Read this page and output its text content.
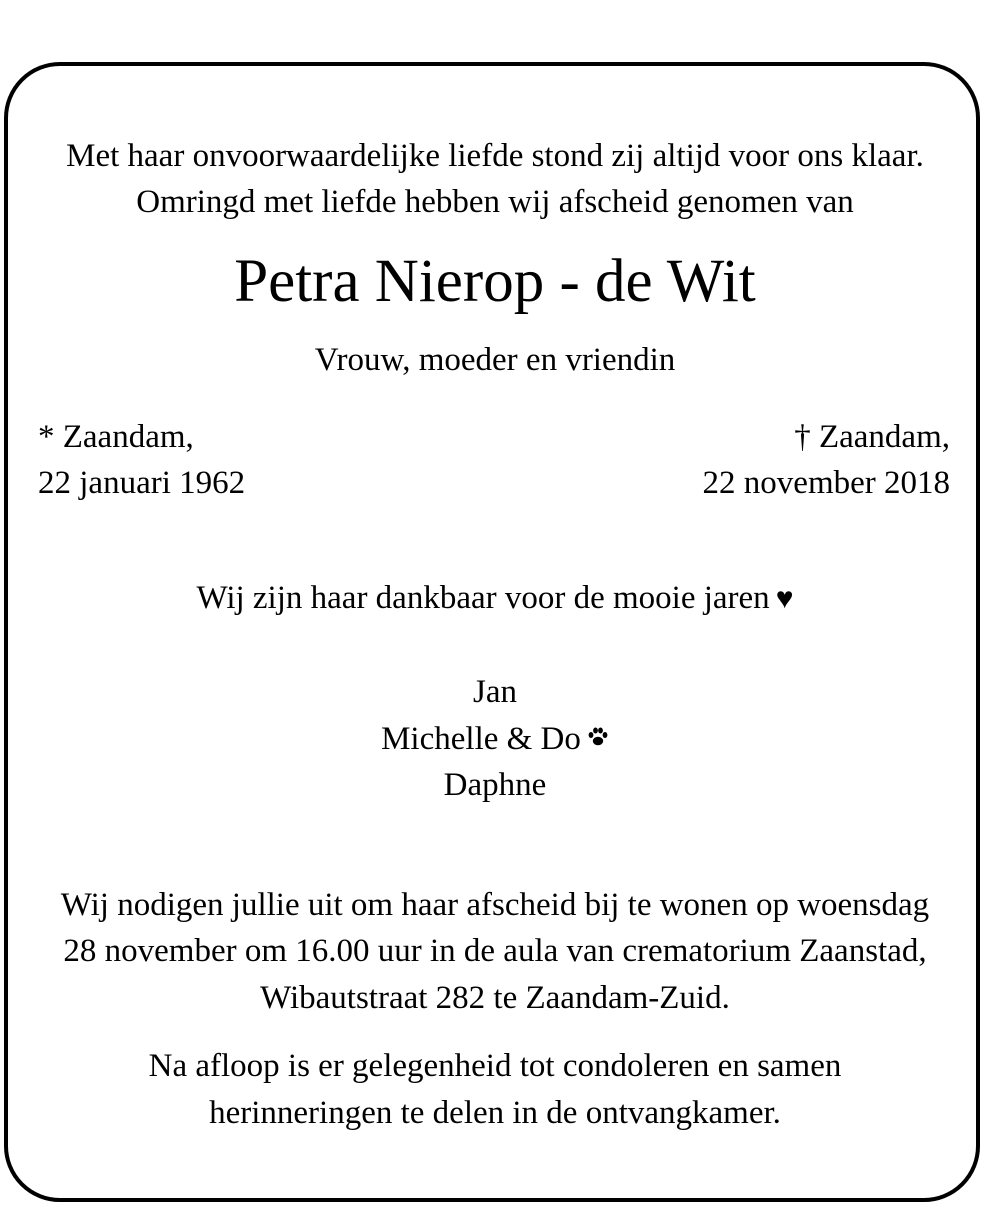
Met haar onvoorwaardelijke liefde stond zij altijd voor ons klaar.
Omringd met liefde hebben wij afscheid genomen van
Petra Nierop - de Wit
Vrouw, moeder en vriendin
* Zaandam,
22 januari 1962
† Zaandam,
22 november 2018
Wij zijn haar dankbaar voor de mooie jaren ♥
Jan
Michelle & Do
Daphne
Wij nodigen jullie uit om haar afscheid bij te wonen op woensdag
28 november om 16.00 uur in de aula van crematorium Zaanstad,
Wibautstraat 282 te Zaandam-Zuid.
Na afloop is er gelegenheid tot condoleren en samen
herinneringen te delen in de ontvangkamer.
